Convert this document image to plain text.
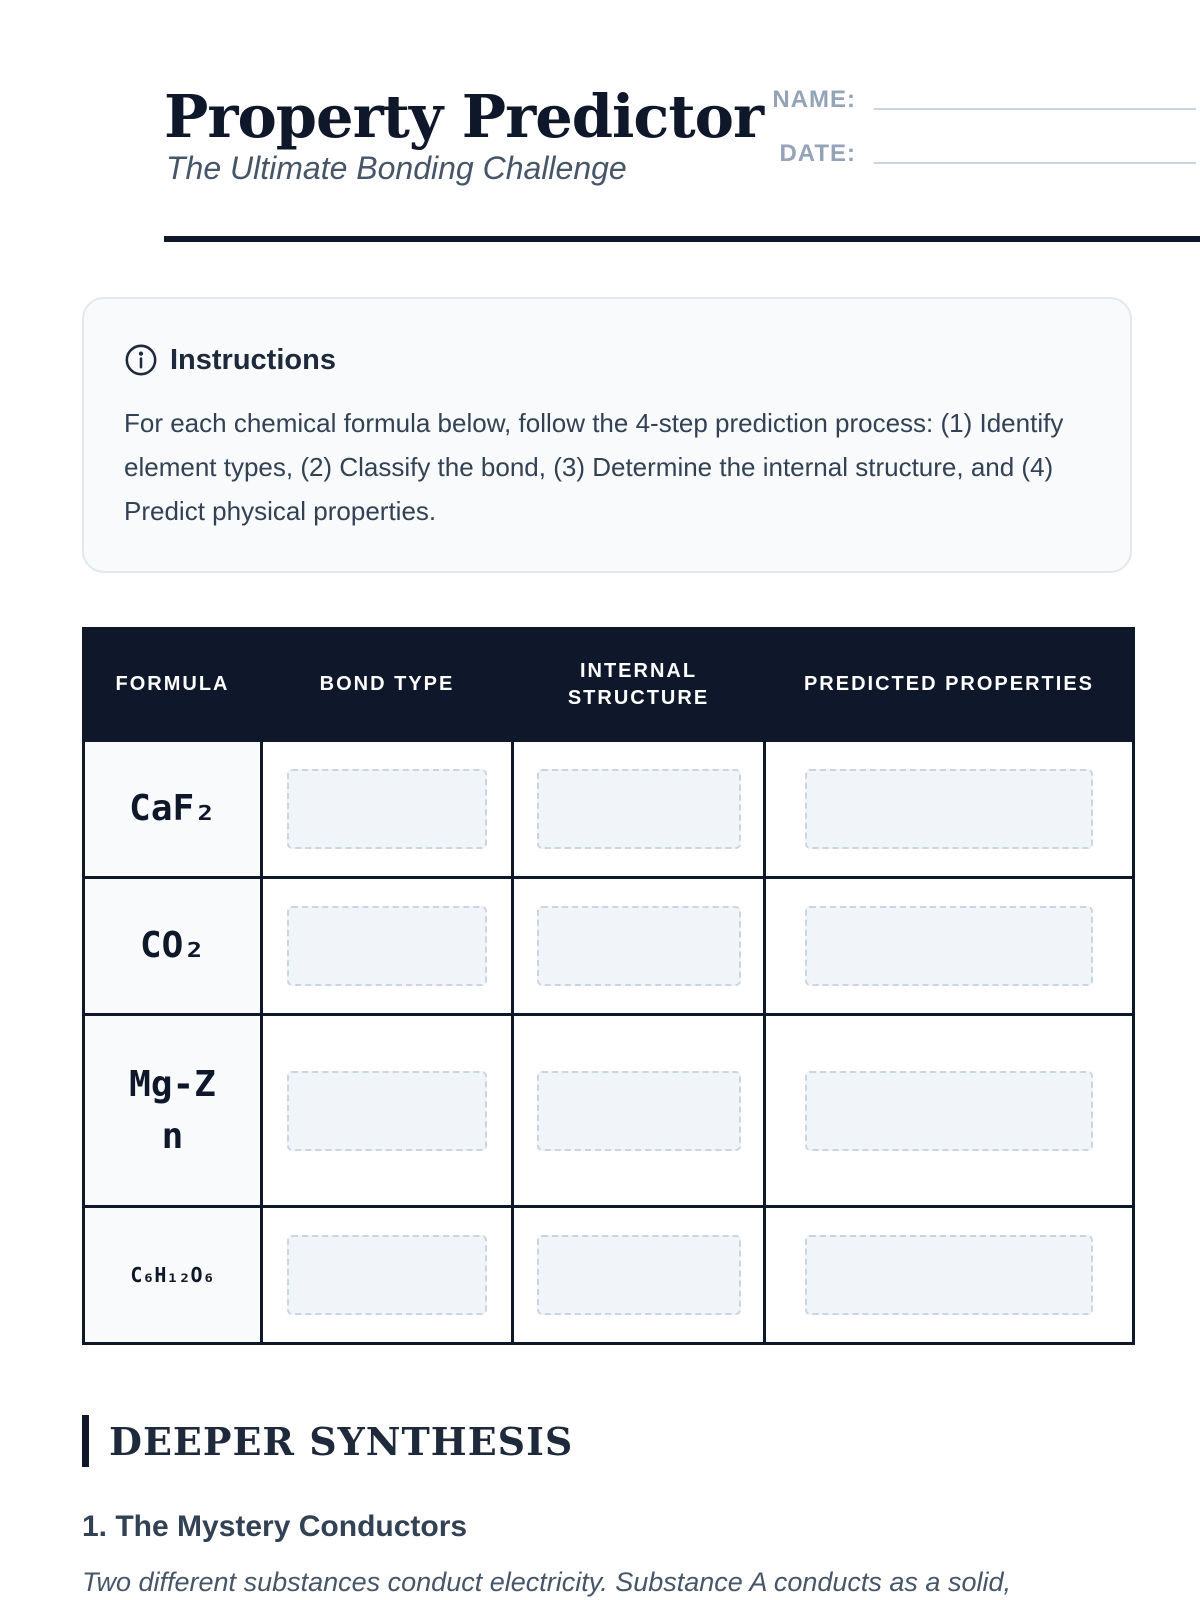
Property Predictor
The Ultimate Bonding Challenge
NAME:
DATE:
Instructions

For each chemical formula below, follow the 4-step prediction process: (1) Identify element types, (2) Classify the bond, (3) Determine the internal structure, and (4) Predict physical properties.

FORMULA	BOND TYPE	INTERNAL STRUCTURE	PREDICTED PROPERTIES
CaF₂	

CO₂	

Mg-Zn	

C₆H₁₂O₆	

DEEPER SYNTHESIS
1. The Mystery Conductors

Two different substances conduct electricity. Substance A conducts as a solid,
